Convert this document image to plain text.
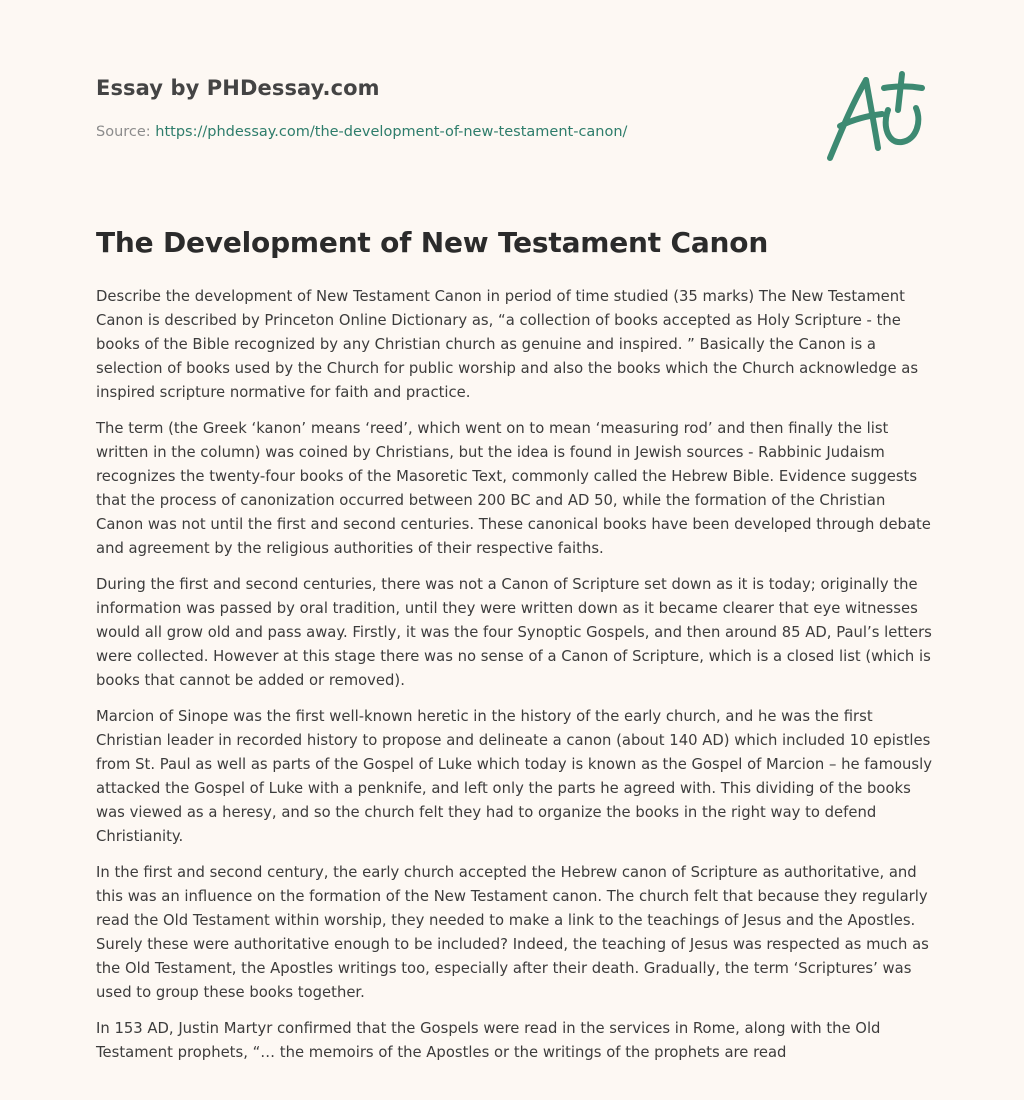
Essay by PHDessay.com
Source: https://phdessay.com/the-development-of-new-testament-canon/
The Development of New Testament Canon

Describe the development of New Testament Canon in period of time studied (35 marks) The New Testament Canon is described by Princeton Online Dictionary as, “a collection of books accepted as Holy Scripture - the books of the Bible recognized by any Christian church as genuine and inspired. ” Basically the Canon is a selection of books used by the Church for public worship and also the books which the Church acknowledge as inspired scripture normative for faith and practice.

The term (the Greek ‘kanon’ means ‘reed’, which went on to mean ‘measuring rod’ and then finally the list written in the column) was coined by Christians, but the idea is found in Jewish sources - Rabbinic Judaism recognizes the twenty-four books of the Masoretic Text, commonly called the Hebrew Bible. Evidence suggests that the process of canonization occurred between 200 BC and AD 50, while the formation of the Christian Canon was not until the first and second centuries. These canonical books have been developed through debate and agreement by the religious authorities of their respective faiths.

During the first and second centuries, there was not a Canon of Scripture set down as it is today; originally the information was passed by oral tradition, until they were written down as it became clearer that eye witnesses would all grow old and pass away. Firstly, it was the four Synoptic Gospels, and then around 85 AD, Paul’s letters were collected. However at this stage there was no sense of a Canon of Scripture, which is a closed list (which is books that cannot be added or removed).

Marcion of Sinope was the first well-known heretic in the history of the early church, and he was the first Christian leader in recorded history to propose and delineate a canon (about 140 AD) which included 10 epistles from St. Paul as well as parts of the Gospel of Luke which today is known as the Gospel of Marcion – he famously attacked the Gospel of Luke with a penknife, and left only the parts he agreed with. This dividing of the books was viewed as a heresy, and so the church felt they had to organize the books in the right way to defend Christianity.

In the first and second century, the early church accepted the Hebrew canon of Scripture as authoritative, and this was an influence on the formation of the New Testament canon. The church felt that because they regularly read the Old Testament within worship, they needed to make a link to the teachings of Jesus and the Apostles. Surely these were authoritative enough to be included? Indeed, the teaching of Jesus was respected as much as the Old Testament, the Apostles writings too, especially after their death. Gradually, the term ‘Scriptures’ was used to group these books together.

In 153 AD, Justin Martyr confirmed that the Gospels were read in the services in Rome, along with the Old Testament prophets, “… the memoirs of the Apostles or the writings of the prophets are read
